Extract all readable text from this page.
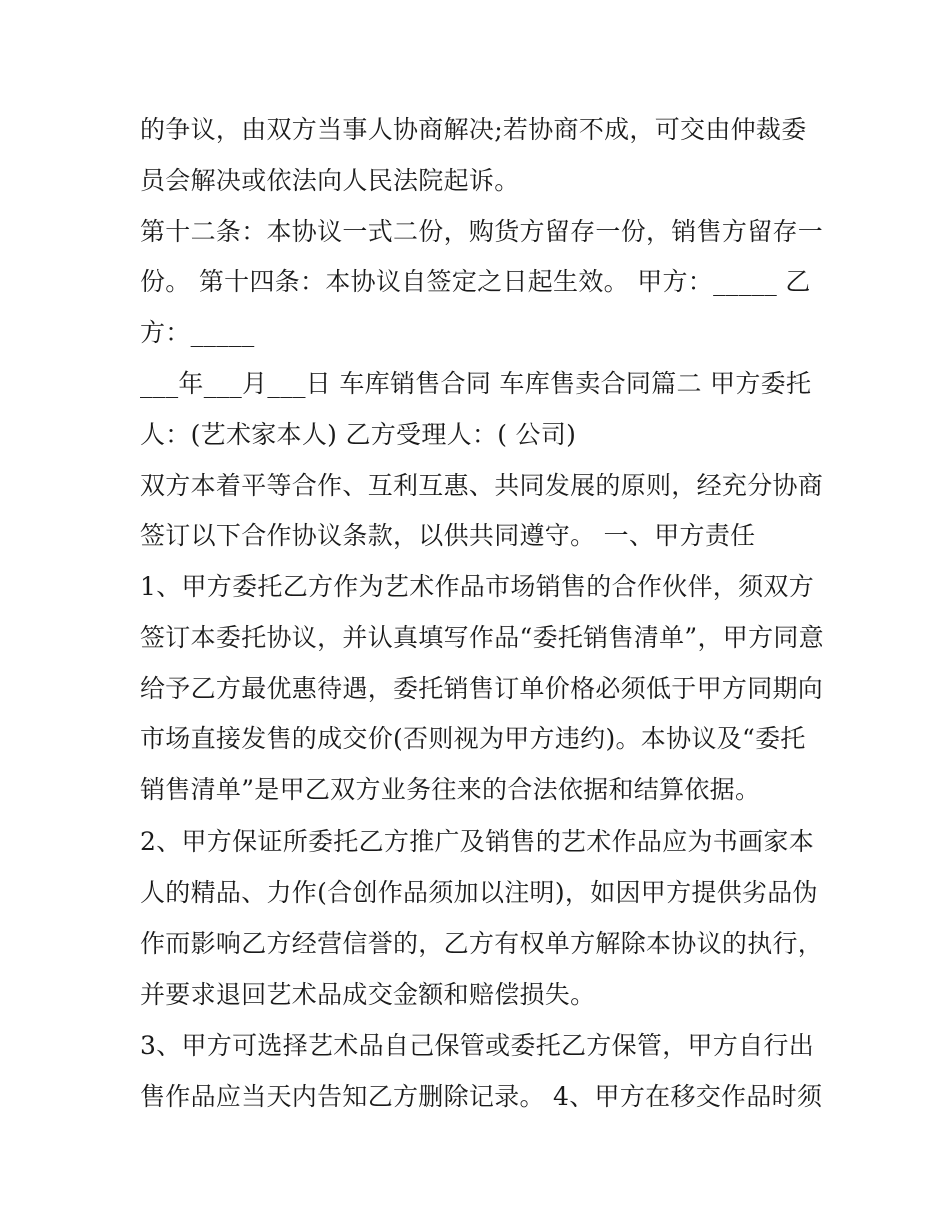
的争议，由双方当事人协商解决;若协商不成，可交由仲裁委
员会解决或依法向人民法院起诉。
第十二条：本协议一式二份，购货方留存一份，销售方留存一
份。 第十四条：本协议自签定之日起生效。 甲方：_____ 乙
方：_____
___年___月___日 车库销售合同 车库售卖合同篇二 甲方委托
人：(艺术家本人) 乙方受理人：( 公司)
双方本着平等合作、互利互惠、共同发展的原则，经充分协商
签订以下合作协议条款，以供共同遵守。 一、甲方责任
1、甲方委托乙方作为艺术作品市场销售的合作伙伴，须双方
签订本委托协议，并认真填写作品“委托销售清单”，甲方同意
给予乙方最优惠待遇，委托销售订单价格必须低于甲方同期向
市场直接发售的成交价(否则视为甲方违约)。本协议及“委托
销售清单”是甲乙双方业务往来的合法依据和结算依据。
2、甲方保证所委托乙方推广及销售的艺术作品应为书画家本
人的精品、力作(合创作品须加以注明)，如因甲方提供劣品伪
作而影响乙方经营信誉的，乙方有权单方解除本协议的执行，
并要求退回艺术品成交金额和赔偿损失。
3、甲方可选择艺术品自己保管或委托乙方保管，甲方自行出
售作品应当天内告知乙方删除记录。 4、甲方在移交作品时须
